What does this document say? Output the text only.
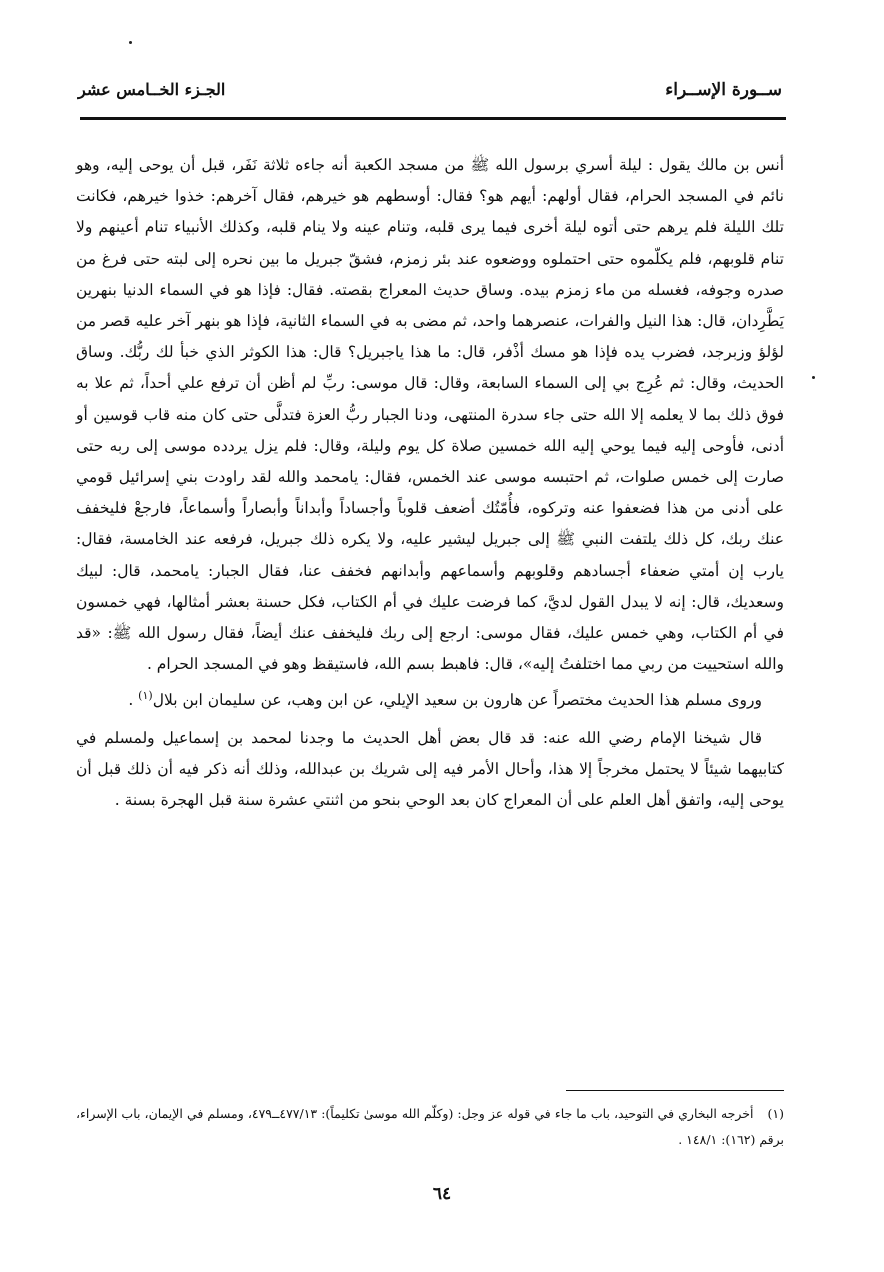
ســورة الإســراء
الجـزء الخــامس عشر

أنس بن مالك يقول : ليلة أسري برسول الله ﷺ من مسجد الكعبة أنه جاءه ثلاثة نَفَر، قبل أن يوحى إليه، وهو نائم في المسجد الحرام، فقال أولهم: أيهم هو؟ فقال: أوسطهم هو خيرهم، فقال آخرهم: خذوا خيرهم، فكانت تلك الليلة فلم يرهم حتى أتوه ليلة أخرى فيما يرى قلبه، وتنام عينه ولا ينام قلبه، وكذلك الأنبياء تنام أعينهم ولا تنام قلوبهم، فلم يكلّموه حتى احتملوه ووضعوه عند بئر زمزم، فشقّ جبريل ما بين نحره إلى لبته حتى فرغ من صدره وجوفه، فغسله من ماء زمزم بيده. وساق حديث المعراج بقصته. فقال: فإذا هو في السماء الدنيا بنهرين يَطَّرِدان، قال: هذا النيل والفرات، عنصرهما واحد، ثم مضى به في السماء الثانية، فإذا هو بنهر آخر عليه قصر من لؤلؤ وزبرجد، فضرب يده فإذا هو مسك أذْفر، قال: ما هذا ياجبريل؟ قال: هذا الكوثر الذي خبأ لك ربُّك. وساق الحديث، وقال: ثم عُرِج بي إلى السماء السابعة، وقال: قال موسى: ربِّ لم أظن أن ترفع علي أحداً، ثم علا به فوق ذلك بما لا يعلمه إلا الله حتى جاء سدرة المنتهى، ودنا الجبار ربُّ العزة فتدلَّى حتى كان منه قاب قوسين أو أدنى، فأوحى إليه فيما يوحي إليه الله خمسين صلاة كل يوم وليلة، وقال: فلم يزل يردده موسى إلى ربه حتى صارت إلى خمس صلوات، ثم احتبسه موسى عند الخمس، فقال: يامحمد والله لقد راودت بني إسرائيل قومي على أدنى من هذا فضعفوا عنه وتركوه، فأُمّتُك أضعف قلوباً وأجساداً وأبداناً وأبصاراً وأسماعاً، فارجعْ فليخفف عنك ربك، كل ذلك يلتفت النبي ﷺ إلى جبريل ليشير عليه، ولا يكره ذلك جبريل، فرفعه عند الخامسة، فقال: يارب إن أمتي ضعفاء أجسادهم وقلوبهم وأسماعهم وأبدانهم فخفف عنا، فقال الجبار: يامحمد، قال: لبيك وسعديك، قال: إنه لا يبدل القول لديَّ، كما فرضت عليك في أم الكتاب، فكل حسنة بعشر أمثالها، فهي خمسون في أم الكتاب، وهي خمس عليك، فقال موسى: ارجع إلى ربك فليخفف عنك أيضاً، فقال رسول الله ﷺ: «قد والله استحييت من ربي مما اختلفتُ إليه»، قال: فاهبط بسم الله، فاستيقظ وهو في المسجد الحرام .

وروى مسلم هذا الحديث مختصراً عن هارون بن سعيد الإيلي، عن ابن وهب، عن سليمان ابن بلال$^{(١)}$ .

قال شيخنا الإمام رضي الله عنه: قد قال بعض أهل الحديث ما وجدنا لمحمد بن إسماعيل ولمسلم في كتابيهما شيئاً لا يحتمل مخرجاً إلا هذا، وأحال الأمر فيه إلى شريك بن عبدالله، وذلك أنه ذكر فيه أن ذلك قبل أن يوحى إليه، واتفق أهل العلم على أن المعراج كان بعد الوحي بنحو من اثنتي عشرة سنة قبل الهجرة بسنة .

(١)أخرجه البخاري في التوحيد، باب ما جاء في قوله عز وجل: (وكلّم الله موسىٰ تكليماً): ٤٧٧/١٣ــ٤٧٩، ومسلم في الإيمان، باب الإسراء، برقم (١٦٢): ١٤٨/١ .
٦٤
